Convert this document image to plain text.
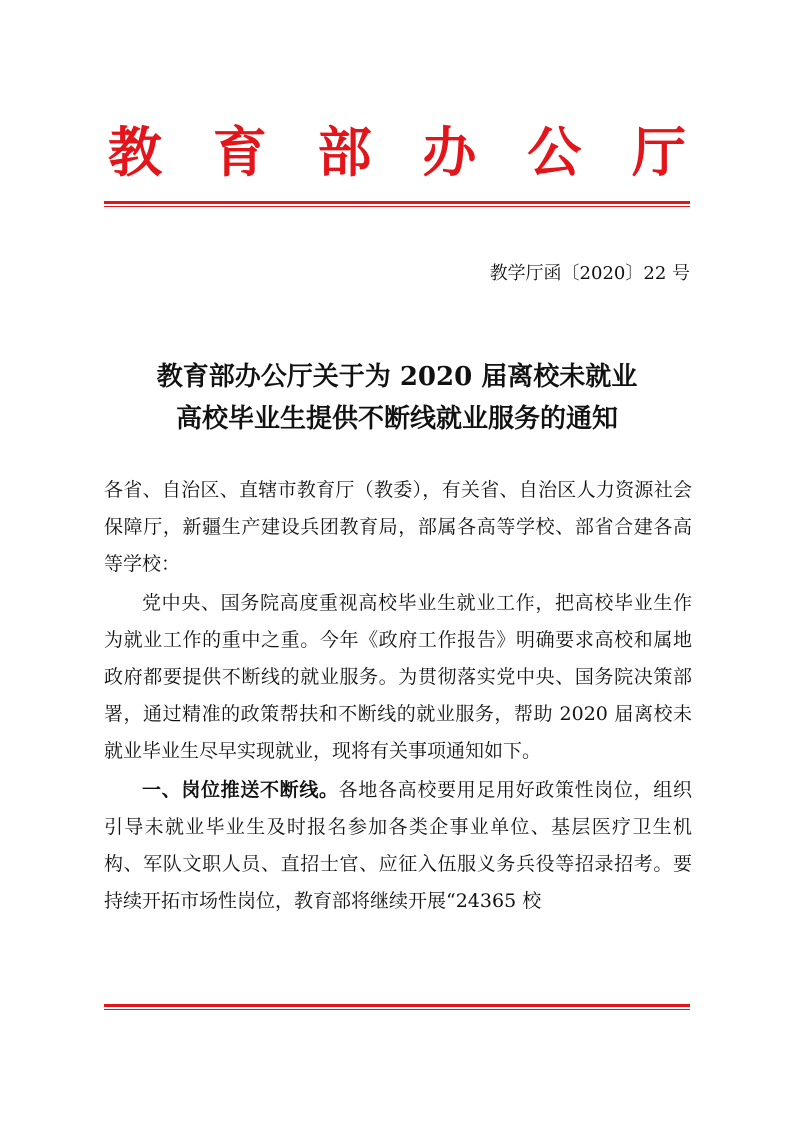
教 育 部 办 公 厅
教学厅函〔2020〕22 号
教育部办公厅关于为 2020 届离校未就业
高校毕业生提供不断线就业服务的通知

各省、自治区、直辖市教育厅（教委），有关省、自治区人力资源社会保障厅，新疆生产建设兵团教育局，部属各高等学校、部省合建各高等学校：

党中央、国务院高度重视高校毕业生就业工作，把高校毕业生作为就业工作的重中之重。今年《政府工作报告》明确要求高校和属地政府都要提供不断线的就业服务。为贯彻落实党中央、国务院决策部署，通过精准的政策帮扶和不断线的就业服务，帮助 2020 届离校未就业毕业生尽早实现就业，现将有关事项通知如下。

一、岗位推送不断线。各地各高校要用足用好政策性岗位，组织引导未就业毕业生及时报名参加各类企事业单位、基层医疗卫生机构、军队文职人员、直招士官、应征入伍服义务兵役等招录招考。要持续开拓市场性岗位，教育部将继续开展“24365 校
